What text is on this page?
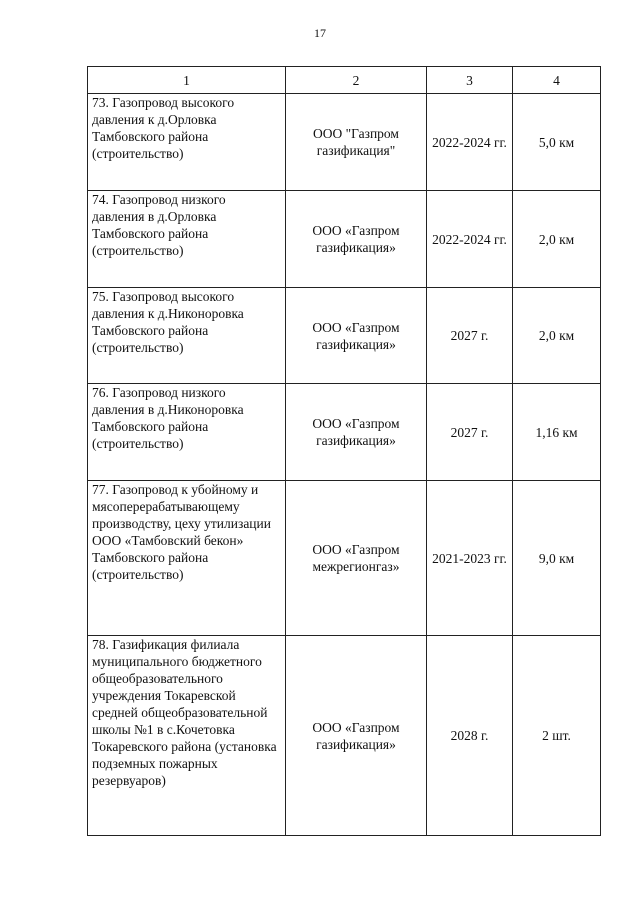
17
1	2	3	4
73. Газопровод высокого давления к д.Орловка Тамбовского района (строительство)	ООО "Газпром газификация"	2022-2024 гг.	5,0 км
74. Газопровод низкого давления в д.Орловка Тамбовского района (строительство)	ООО «Газпром газификация»	2022-2024 гг.	2,0 км
75. Газопровод высокого давления к д.Никоноровка Тамбовского района (строительство)	ООО «Газпром газификация»	2027 г.	2,0 км
76. Газопровод низкого давления в д.Никоноровка Тамбовского района (строительство)	ООО «Газпром газификация»	2027 г.	1,16 км
77. Газопровод к убойному и мясоперерабатывающему производству, цеху утилизации ООО «Тамбовский бекон» Тамбовского района (строительство)	ООО «Газпром межрегионгаз»	2021-2023 гг.	9,0 км
78. Газификация филиала муниципального бюджетного общеобразовательного учреждения Токаревской средней общеобразовательной школы №1 в с.Кочетовка Токаревского района (установка подземных пожарных резервуаров)	ООО «Газпром газификация»	2028 г.	2 шт.
